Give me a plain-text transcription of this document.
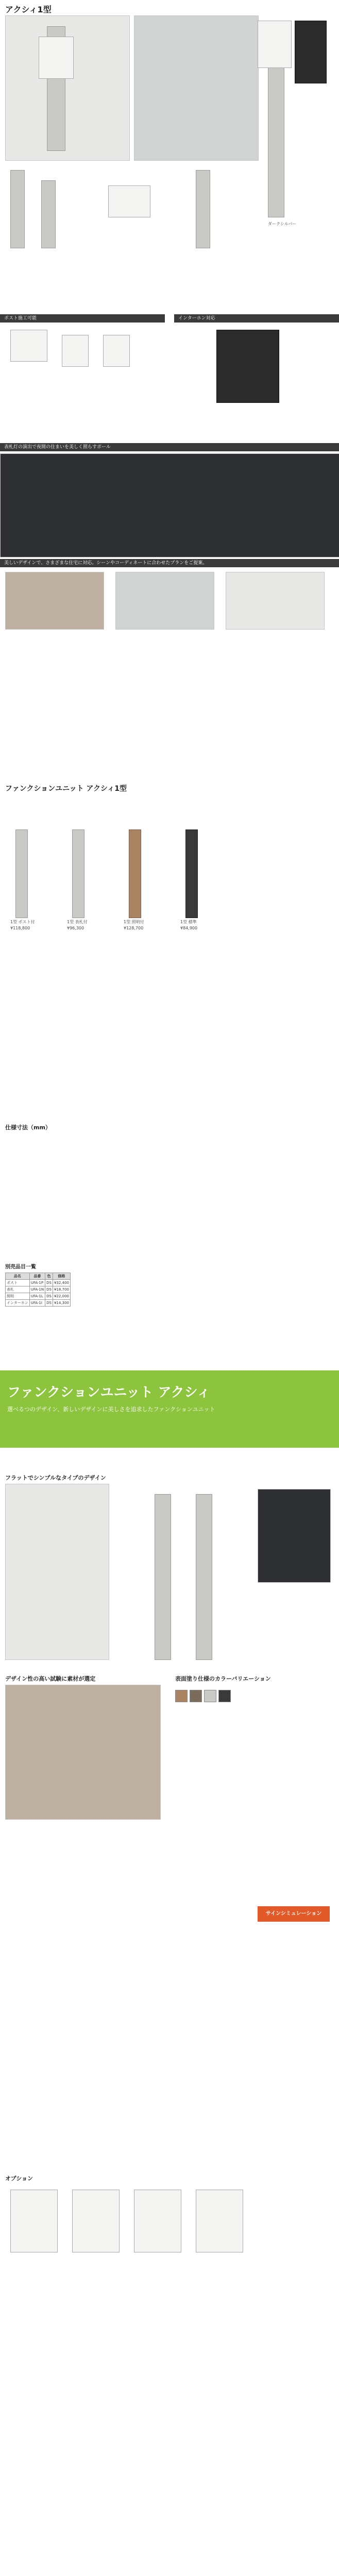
アクシィ1型
ダークシルバー
ポスト施工可能	インターホン対応
表札灯の演出で夜間の住まいを美しく照らすポール
美しいデザインで、さまざまな住宅に対応。シーンやコーディネートに合わせたプランをご提案。
ファンクションユニット アクシィ1型
1型 ポスト付	1型 表札付	1型 照明付	1型 標準
¥118,800	¥96,300	¥128,700	¥84,900
仕様寸法（mm）
別売品目一覧
品名	品番	色	価格
ポスト	UFA-1P	DS	¥32,400
表札	UFA-1N	DS	¥18,700
照明	UFA-1L	DS	¥22,000
インターホン	UFA-1I	DS	¥14,300
ファンクションユニット アクシィ
選べるつのデザイン、新しいデザインに美しさを追求したファンクションユニット
フラットでシンプルなタイプのデザイン
デザイン性の高い試験に素材が選定	表面塗り仕様のカラーバリエーション
サインシミュレーション
オプション
